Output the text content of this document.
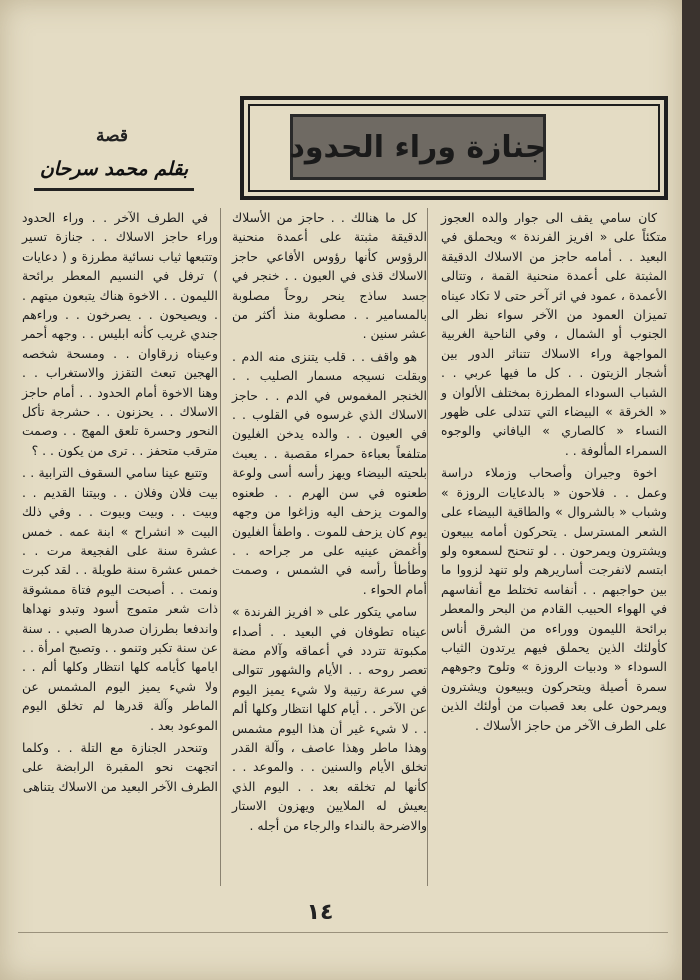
جنازة وراء الحدود
قصة
بقلم محمد سرحان

كان سامي يقف الى جوار والده العجوز متكئاً على « افريز الفرندة » ويحملق في البعيد . . أمامه حاجز من الاسلاك الدقيقة المثبتة على أعمدة منحنية القمة ، وتتالى الأعمدة ، عمود في اثر آخر حتى لا تكاد عيناه تميزان العمود من الآخر سواء نظر الى الجنوب أو الشمال ، وفي الناحية الغربية المواجهة وراء الاسلاك تتناثر الدور بين أشجار الزيتون . . كل ما فيها عربي . . الشباب السوداء المطرزة بمختلف الألوان و « الخرقة » البيضاء التي تتدلى على ظهور النساء « كالصاري » اليافاني والوجوه السمراء المألوفة . .

اخوة وجيران وأصحاب وزملاء دراسة وعمل . . فلاحون « بالدعايات الروزة » وشباب « بالشروال » والطاقية البيضاء على الشعر المسترسل . يتحركون أمامه يبيعون ويشترون ويمرحون . . لو تنحنح لسمعوه ولو ابتسم لانفرجت أساريرهم ولو تنهد لزووا ما بين حواجبهم . . أنفاسه تختلط مع أنفاسهم في الهواء الحبيب القادم من البحر والمعطر برائحة الليمون ووراءه من الشرق أناس كأولئك الذين يحملق فيهم يرتدون الثياب السوداء « ودبيات الروزة » وتلوح وجوههم سمرة أصيلة ويتحركون ويبيعون ويشترون ويمرحون على بعد قصبات من أولئك الذين على الطرف الآخر من حاجز الأسلاك .

كل ما هنالك . . حاجز من الأسلاك الدقيقة مثبتة على أعمدة منحنية الرؤوس كأنها رؤوس الأفاعي حاجز الاسلاك قذى في العيون . . خنجر في جسد ساذج ينحر روحاً مصلوبة بالمسامير . . مصلوبة منذ أكثر من عشر سنين .

هو واقف . . قلب يتنزى منه الدم . وبقلت نسيجه مسمار الصليب . . الخنجر المغموس في الدم . . حاجز الاسلاك الذي غرسوه في القلوب . . في العيون . . والده يدخن الغليون متلفعاً بعباءة حمراء مقصبة . . يعبث بلحيته البيضاء ويهز رأسه أسى ولوعة طعنوه في سن الهرم . . طعنوه والموت يزحف اليه وزاغوا من وجهه يوم كان يزحف للموت . واطفأ الغليون وأغمض عينيه على مر جراحه . . وطأطأ رأسه في الشمس ، وصمت أمام الحواء .

سامي يتكور على « افريز الفرندة » عيناه تطوفان في البعيد . . أصداء مكبوتة تتردد في أعماقه وآلام مضة تعصر روحه . . الأيام والشهور تتوالى في سرعة رتيبة ولا شيء يميز اليوم عن الآخر . . أيام كلها انتظار وكلها ألم . . لا شيء غير أن هذا اليوم مشمس وهذا ماطر وهذا عاصف ، وآلة القدر تخلق الأيام والسنين . . والموعد . . كأنها لم تخلقه بعد . . اليوم الذي يعيش له الملايين ويهزون الاستار والاضرحة بالنداء والرجاء من أجله .

في الطرف الآخر . . وراء الحدود وراء حاجز الاسلاك . . جنازة تسير وتتبعها ثياب نسائية مطرزة و ( دعايات ) ترفل في النسيم المعطر برائحة الليمون . . الاخوة هناك يتبعون ميتهم . . ويصيحون . . يصرخون . . وراءهم جندي غريب كأنه ابليس . . وجهه أحمر وعيناه زرقاوان . . ومسحة شخصه الهجين تبعث التقزز والاستغراب . . وهنا الاخوة أمام الحدود . . أمام حاجز الاسلاك . . يحزنون . . حشرجة تأكل النحور وحسرة تلعق المهج . . وصمت مترقب متحفز . . ترى من يكون . . ؟

وتتبع عينا سامي السقوف الترابية . . بيت فلان وفلان . . وبيتنا القديم . . وبيت . . وبيت وبيوت . . وفي ذلك البيت « انشراح » ابنة عمه . خمس عشرة سنة على الفجيعة مرت . . خمس عشرة سنة طويلة . . لقد كبرت ونمت . . أصبحت اليوم فتاة ممشوقة ذات شعر متموج أسود وتبدو نهداها واندفعا بطرزان صدرها الصبي . . سنة عن سنة تكبر وتنمو . . وتصبح امرأة . . ايامها كأيامه كلها انتظار وكلها ألم . . ولا شيء يميز اليوم المشمس عن الماطر وآلة قدرها لم تخلق اليوم الموعود بعد .

وتنحدر الجنازة مع التلة . . وكلما اتجهت نحو المقبرة الرابضة على الطرف الآخر البعيد من الاسلاك يتناهى

١٤
